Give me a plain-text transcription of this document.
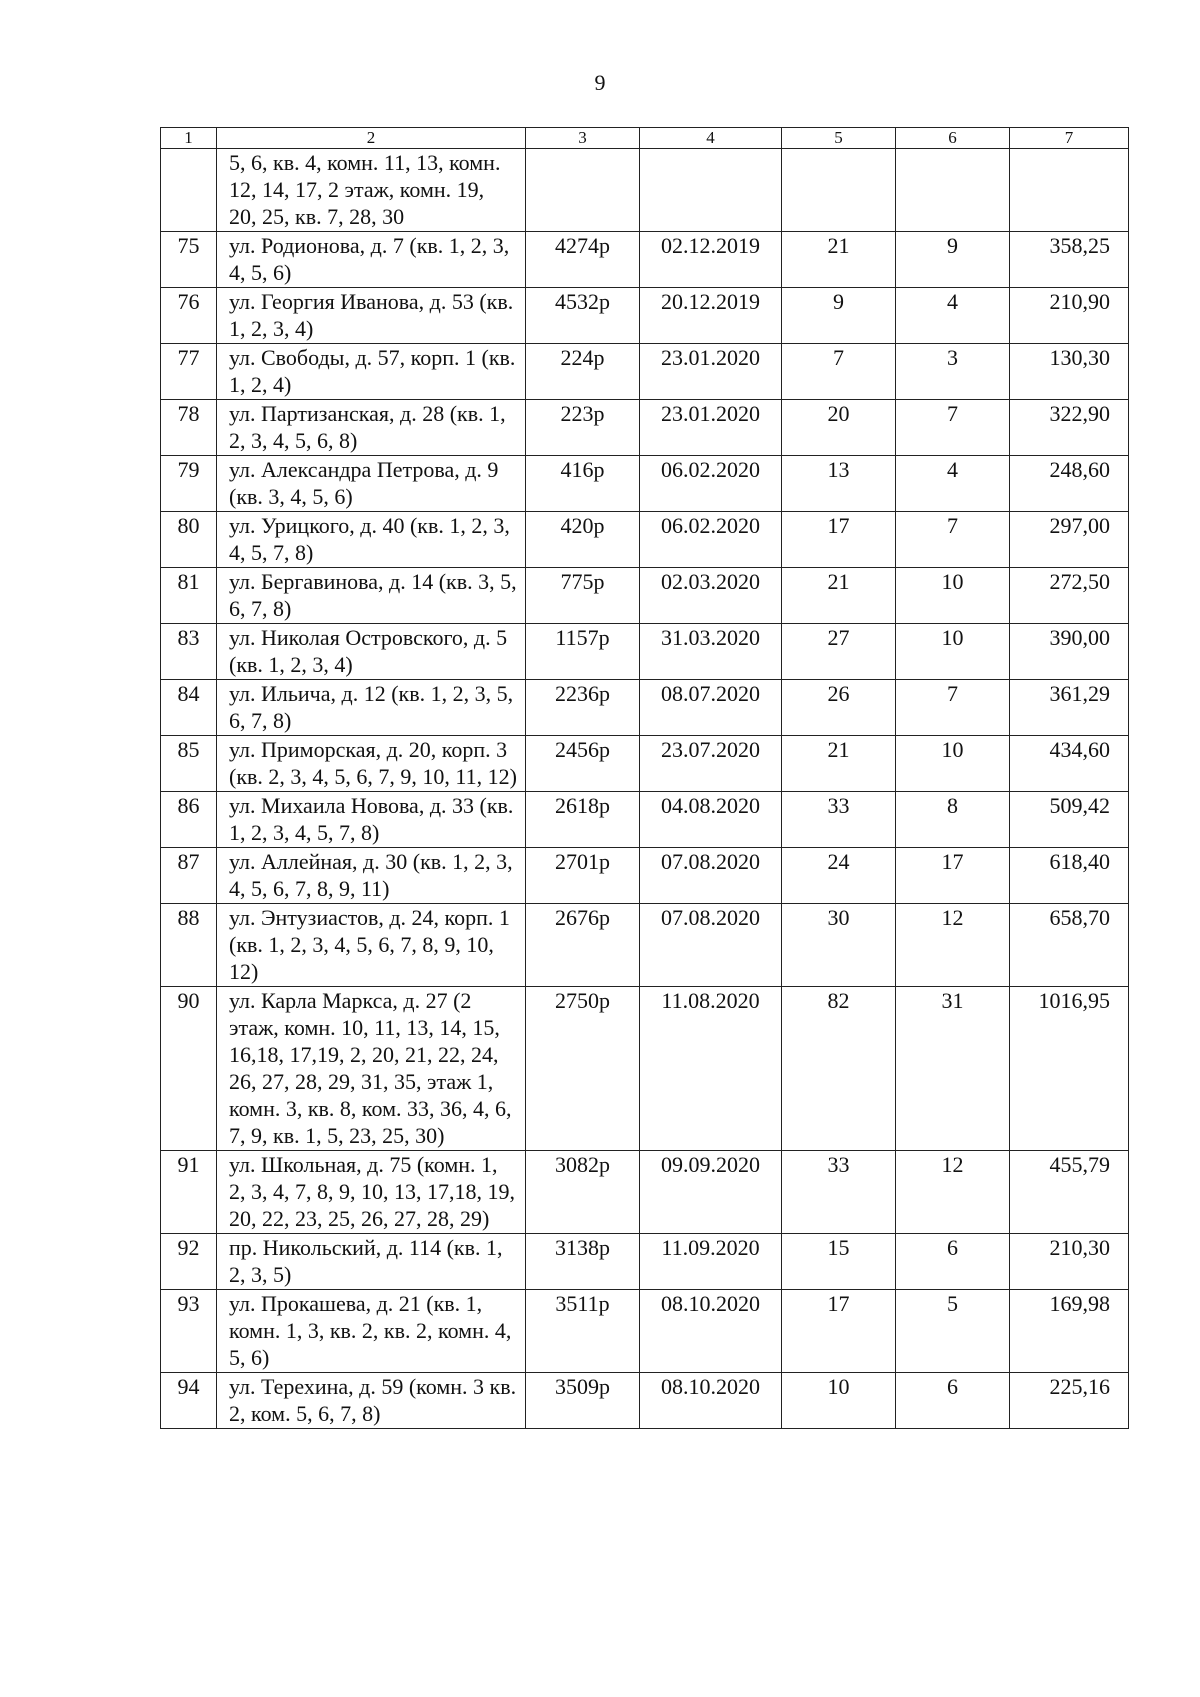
9
1	2	3	4	5	6	7
	5, 6, кв. 4, комн. 11, 13, комн. 12, 14, 17, 2 этаж, комн. 19, 20, 25, кв. 7, 28, 30					
75	ул. Родионова, д. 7 (кв. 1, 2, 3, 4, 5, 6)	4274р	02.12.2019	21	9	358,25
76	ул. Георгия Иванова, д. 53 (кв. 1, 2, 3, 4)	4532р	20.12.2019	9	4	210,90
77	ул. Свободы, д. 57, корп. 1 (кв. 1, 2, 4)	224р	23.01.2020	7	3	130,30
78	ул. Партизанская, д. 28 (кв. 1, 2, 3, 4, 5, 6, 8)	223р	23.01.2020	20	7	322,90
79	ул. Александра Петрова, д. 9 (кв. 3, 4, 5, 6)	416р	06.02.2020	13	4	248,60
80	ул. Урицкого, д. 40 (кв. 1, 2, 3, 4, 5, 7, 8)	420р	06.02.2020	17	7	297,00
81	ул. Бергавинова, д. 14 (кв. 3, 5, 6, 7, 8)	775р	02.03.2020	21	10	272,50
83	ул. Николая Островского, д. 5 (кв. 1, 2, 3, 4)	1157р	31.03.2020	27	10	390,00
84	ул. Ильича, д. 12 (кв. 1, 2, 3, 5, 6, 7, 8)	2236р	08.07.2020	26	7	361,29
85	ул. Приморская, д. 20, корп. 3 (кв. 2, 3, 4, 5, 6, 7, 9, 10, 11, 12)	2456р	23.07.2020	21	10	434,60
86	ул. Михаила Новова, д. 33 (кв. 1, 2, 3, 4, 5, 7, 8)	2618р	04.08.2020	33	8	509,42
87	ул. Аллейная, д. 30 (кв. 1, 2, 3, 4, 5, 6, 7, 8, 9, 11)	2701р	07.08.2020	24	17	618,40
88	ул. Энтузиастов, д. 24, корп. 1 (кв. 1, 2, 3, 4, 5, 6, 7, 8, 9, 10, 12)	2676р	07.08.2020	30	12	658,70
90	ул. Карла Маркса, д. 27 (2 этаж, комн. 10, 11, 13, 14, 15, 16,18, 17,19, 2, 20, 21, 22, 24, 26, 27, 28, 29, 31, 35, этаж 1, комн. 3, кв. 8, ком. 33, 36, 4, 6, 7, 9, кв. 1, 5, 23, 25, 30)	2750р	11.08.2020	82	31	1016,95
91	ул. Школьная, д. 75 (комн. 1, 2, 3, 4, 7, 8, 9, 10, 13, 17,18, 19, 20, 22, 23, 25, 26, 27, 28, 29)	3082р	09.09.2020	33	12	455,79
92	пр. Никольский, д. 114 (кв. 1, 2, 3, 5)	3138р	11.09.2020	15	6	210,30
93	ул. Прокашева, д. 21 (кв. 1, комн. 1, 3, кв. 2, кв. 2, комн. 4, 5, 6)	3511р	08.10.2020	17	5	169,98
94	ул. Терехина, д. 59 (комн. 3 кв. 2, ком. 5, 6, 7, 8)	3509р	08.10.2020	10	6	225,16
